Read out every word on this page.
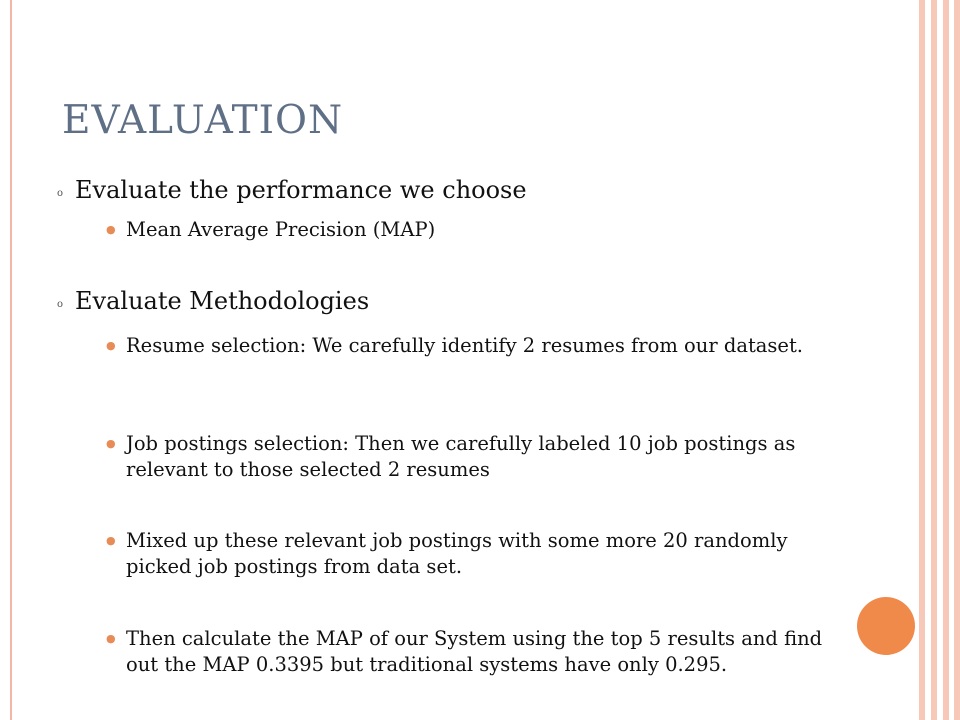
EVALUATION
o Evaluate the performance we choose
● Mean Average Precision (MAP)
o Evaluate Methodologies
● Resume selection: We carefully identify 2 resumes from our dataset.
● Job postings selection: Then we carefully labeled 10 job postings as relevant to those selected 2 resumes
● Mixed up these relevant job postings with some more 20 randomly picked job postings from data set.
● Then calculate the MAP of our System using the top 5 results and find out the MAP 0.3395 but traditional systems have only 0.295.
